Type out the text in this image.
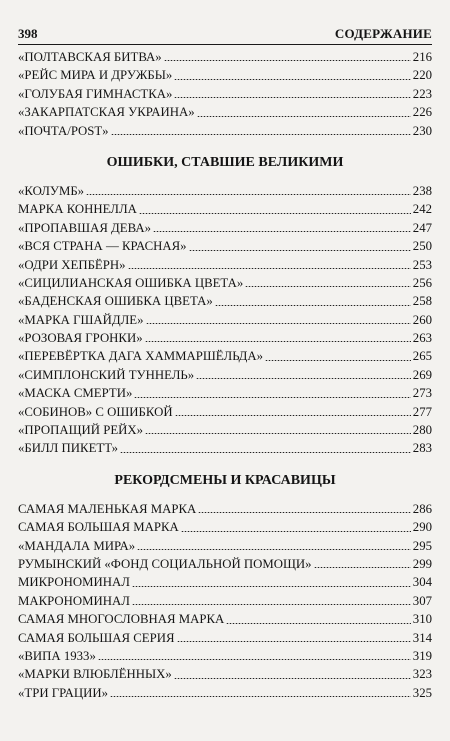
398	СОДЕРЖАНИЕ
«ПОЛТАВСКАЯ БИТВА»	216
«РЕЙС МИРА И ДРУЖБЫ»	220
«ГОЛУБАЯ ГИМНАСТКА»	223
«ЗАКАРПАТСКАЯ УКРАИНА»	226
«ПОЧТА/POST»	230
ОШИБКИ, СТАВШИЕ ВЕЛИКИМИ
«КОЛУМБ»	238
МАРКА КОННЕЛЛА	242
«ПРОПАВШАЯ ДЕВА»	247
«ВСЯ СТРАНА — КРАСНАЯ»	250
«ОДРИ ХЕПБЁРН»	253
«СИЦИЛИАНСКАЯ ОШИБКА ЦВЕТА»	256
«БАДЕНСКАЯ ОШИБКА ЦВЕТА»	258
«МАРКА ГШАЙДЛЕ»	260
«РОЗОВАЯ ГРОНКИ»	263
«ПЕРЕВЁРТКА ДАГА ХАММАРШЁЛЬДА»	265
«СИМПЛОНСКИЙ ТУННЕЛЬ»	269
«МАСКА СМЕРТИ»	273
«СОБИНОВ» С ОШИБКОЙ	277
«ПРОПАЩИЙ РЕЙХ»	280
«БИЛЛ ПИКЕТТ»	283
РЕКОРДСМЕНЫ И КРАСАВИЦЫ
САМАЯ МАЛЕНЬКАЯ МАРКА	286
САМАЯ БОЛЬШАЯ МАРКА	290
«МАНДАЛА МИРА»	295
РУМЫНСКИЙ «ФОНД СОЦИАЛЬНОЙ ПОМОЩИ»	299
МИКРОНОМИНАЛ	304
МАКРОНОМИНАЛ	307
САМАЯ МНОГОСЛОВНАЯ МАРКА	310
САМАЯ БОЛЬШАЯ СЕРИЯ	314
«ВИПА 1933»	319
«МАРКИ ВЛЮБЛЁННЫХ»	323
«ТРИ ГРАЦИИ»	325
